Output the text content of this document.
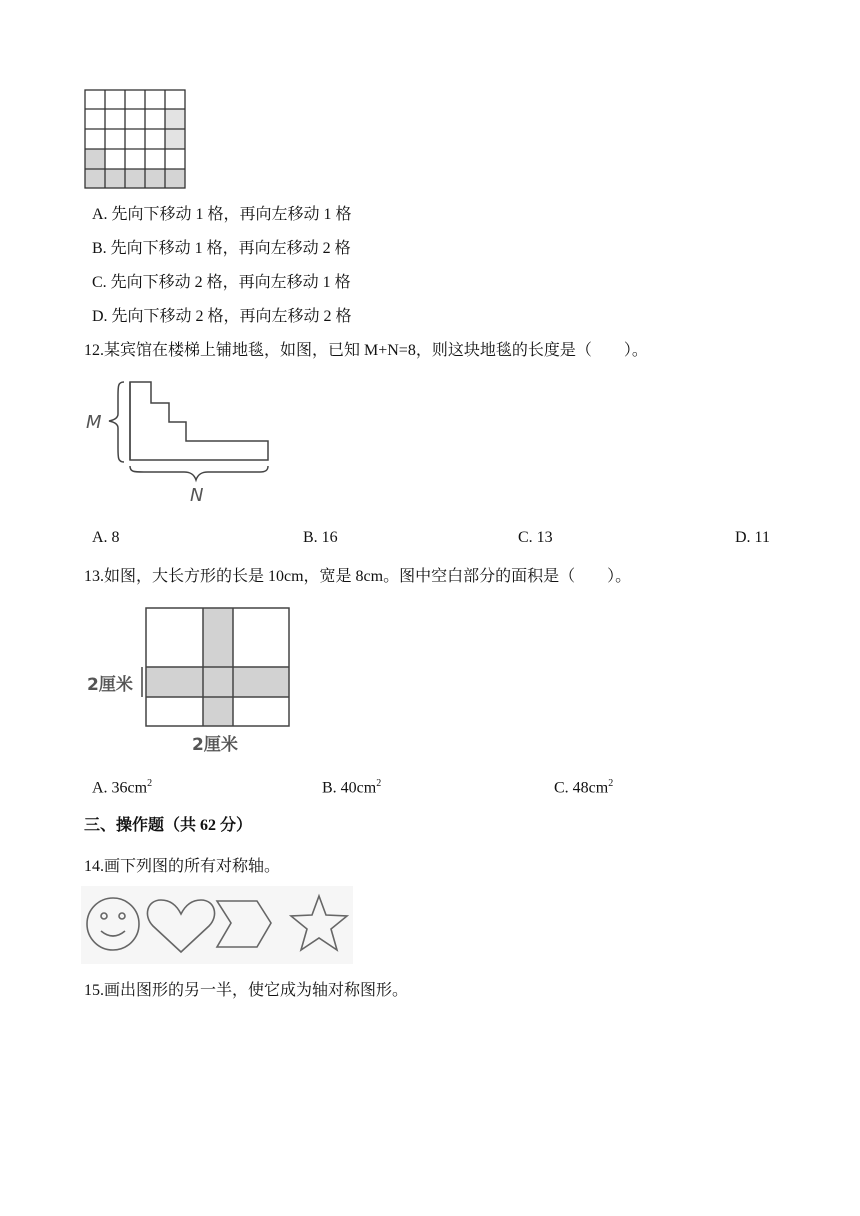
A. 先向下移动 1 格，再向左移动 1 格
B. 先向下移动 1 格，再向左移动 2 格
C. 先向下移动 2 格，再向左移动 1 格
D. 先向下移动 2 格，再向左移动 2 格
12.某宾馆在楼梯上铺地毯，如图，已知 M+N=8，则这块地毯的长度是（　　）。
M
N
A. 8	B. 16	C. 13	D. 11
13.如图，大长方形的长是 10cm，宽是 8cm。图中空白部分的面积是（　　）。
2厘米
2厘米
A. $36cm^2$	B. $40cm^2$	C. $48cm^2$
三、操作题（共 62 分）
14.画下列图的所有对称轴。
15.画出图形的另一半，使它成为轴对称图形。
